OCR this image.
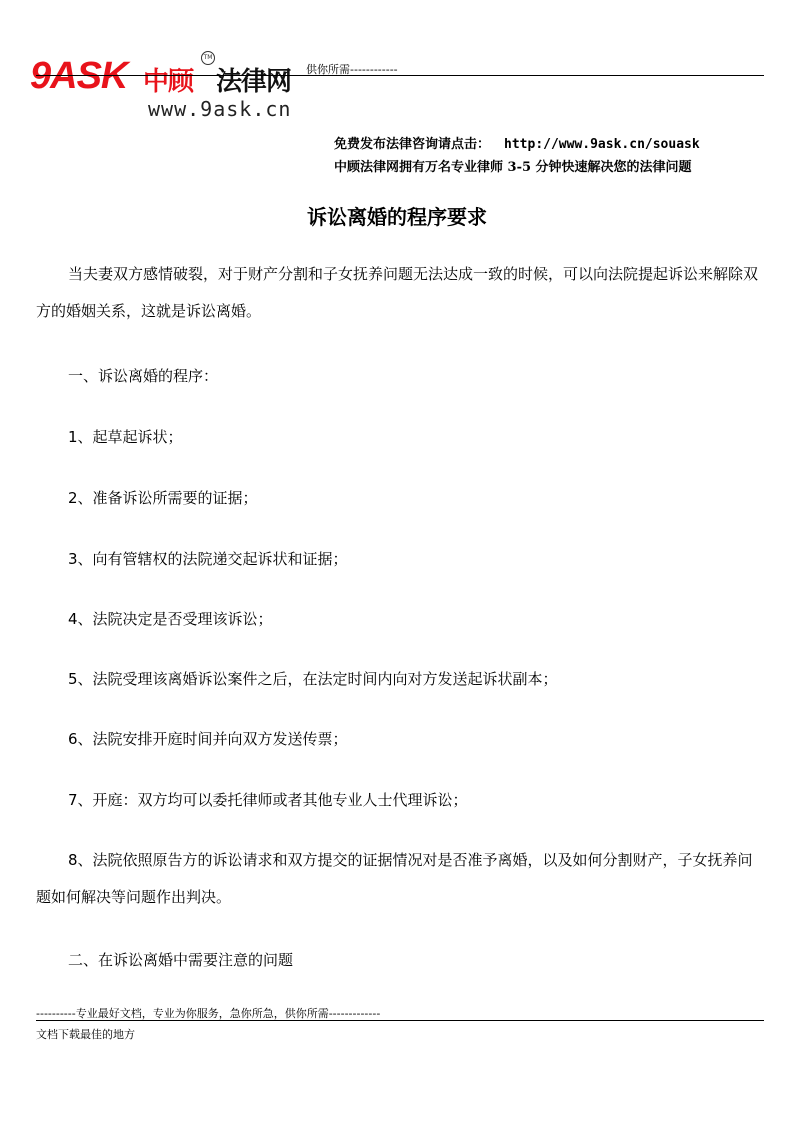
9ASK 中顾
TM
法律网
www.9ask.cn
供你所需------------
免费发布法律咨询请点击： http://www.9ask.cn/souask
中顾法律网拥有万名专业律师 3-5 分钟快速解决您的法律问题
诉讼离婚的程序要求
当夫妻双方感情破裂，对于财产分割和子女抚养问题无法达成一致的时候，可以向法院提起诉讼来解除双方的婚姻关系，这就是诉讼离婚。
一、诉讼离婚的程序：
1、起草起诉状；
2、准备诉讼所需要的证据；
3、向有管辖权的法院递交起诉状和证据；
4、法院决定是否受理该诉讼；
5、法院受理该离婚诉讼案件之后，在法定时间内向对方发送起诉状副本；
6、法院安排开庭时间并向双方发送传票；
7、开庭：双方均可以委托律师或者其他专业人士代理诉讼；
8、法院依照原告方的诉讼请求和双方提交的证据情况对是否准予离婚，以及如何分割财产，子女抚养问题如何解决等问题作出判决。
二、在诉讼离婚中需要注意的问题
----------专业最好文档，专业为你服务，急你所急，供你所需-------------
文档下载最佳的地方
